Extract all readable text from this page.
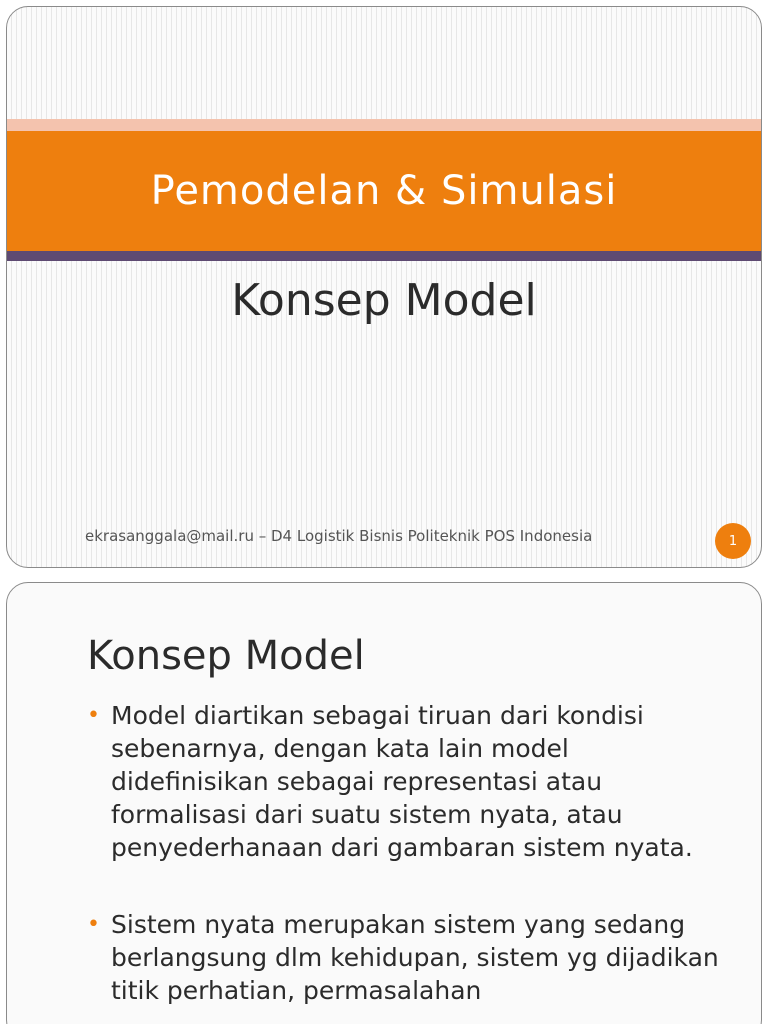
Pemodelan & Simulasi
Konsep Model
ekrasanggala@mail.ru – D4 Logistik Bisnis Politeknik POS Indonesia	1
Konsep Model
• Model diartikan sebagai tiruan dari kondisi sebenarnya, dengan kata lain model didefinisikan sebagai representasi atau formalisasi dari suatu sistem nyata, atau penyederhanaan dari gambaran sistem nyata.
• Sistem nyata merupakan sistem yang sedang berlangsung dlm kehidupan, sistem yg dijadikan titik perhatian, permasalahan
